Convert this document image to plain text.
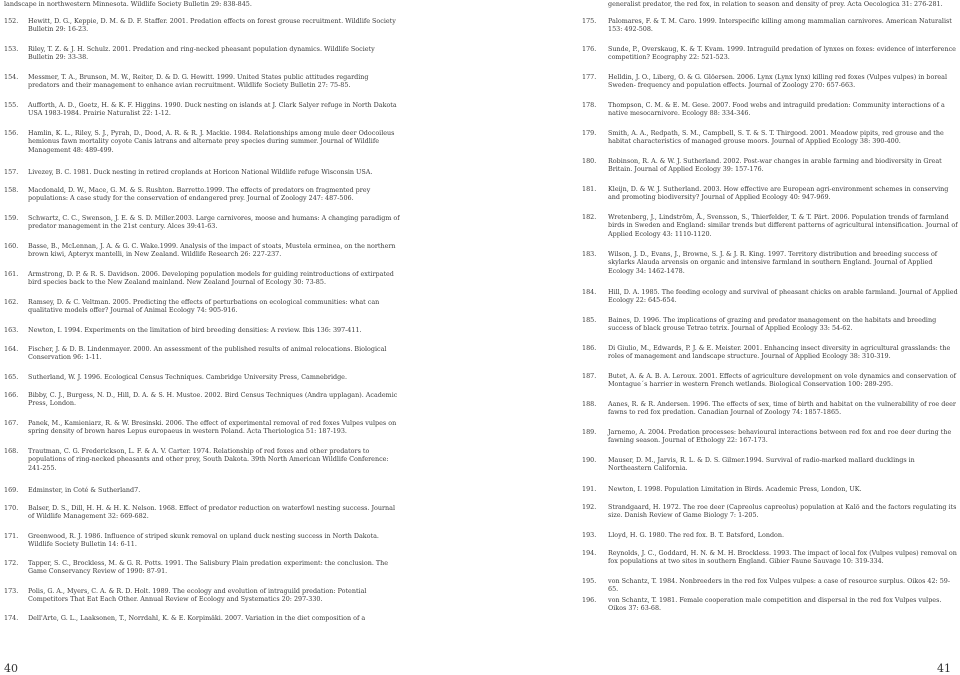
landscape in northwestern Minnesota. Wildlife Society Bulletin 29: 838-845.
152. Hewitt, D. G., Keppie, D. M. & D. F. Staffer. 2001. Predation effects on forest grouse recruitment. Wildlife Society Bulletin 29: 16-23.
153. Riley, T. Z. & J. H. Schulz. 2001. Predation and ring-necked pheasant population dynamics. Wildlife Society Bulletin 29: 33-38.
154. Messmer, T. A., Brunson, M. W., Reiter, D. & D. G. Hewitt. 1999. United States public attitudes regarding predators and their management to enhance avian recruitment. Wildlife Society Bulletin 27: 75-85.
155. Aufforth, A. D., Goetz, H. & K. F. Higgins. 1990. Duck nesting on islands at J. Clark Salyer refuge in North Dakota USA 1983-1984. Prairie Naturalist 22: 1-12.
156. Hamlin, K. L., Riley, S. J., Pyrah, D., Dood, A. R. & R. J. Mackie. 1984. Relationships among mule deer Odocoileus hemionus fawn mortality coyote Canis latrans and alternate prey species during summer. Journal of Wildlife Management 48: 489-499.
157. Livezey, B. C. 1981. Duck nesting in retired croplands at Horicon National Wildlife refuge Wisconsin USA.
158. Macdonald, D. W., Mace, G. M. & S. Rushton. Barretto.1999. The effects of predators on fragmented prey populations: A case study for the conservation of endangered prey. Journal of Zoology 247: 487-506.
159. Schwartz, C. C., Swenson, J. E. & S. D. Miller.2003. Large carnivores, moose and humans: A changing paradigm of predator management in the 21st century. Alces 39:41-63.
160. Basse, B., McLennan, J. A. & G. C. Wake.1999. Analysis of the impact of stoats, Mustela erminea, on the northern brown kiwi, Apteryx mantelli, in New Zealand. Wildlife Research 26: 227-237.
161. Armstrong, D. P. & R. S. Davidson. 2006. Developing population models for guiding reintroductions of extirpated bird species back to the New Zealand mainland. New Zealand Journal of Ecology 30: 73-85.
162. Ramsey, D. & C. Veltman. 2005. Predicting the effects of perturbations on ecological communities: what can qualitative models offer? Journal of Animal Ecology 74: 905-916.
163. Newton, I. 1994. Experiments on the limitation of bird breeding densities: A review. Ibis 136: 397-411.
164. Fischer, J. & D. B. Lindenmayer. 2000. An assessment of the published results of animal relocations. Biological Conservation 96: 1-11.
165. Sutherland, W. J. 1996. Ecological Census Techniques. Cambridge University Press, Camnebridge.
166. Bibby, C. J., Burgess, N. D., Hill, D. A. & S. H. Mustoe. 2002. Bird Census Techniques (Andra upplagan). Academic Press, London.
167. Panek, M., Kamieniarz, R. & W. Bresinski. 2006. The effect of experimental removal of red foxes Vulpes vulpes on spring density of brown hares Lepus europaeus in western Poland. Acta Theriologica 51: 187-193.
168. Trautman, C. G. Frederickson, L. F. & A. V. Carter. 1974. Relationship of red foxes and other predators to populations of ring-necked pheasants and other prey, South Dakota. 39th North American Wildlife Conference: 241-255.
169. Edminster, in Coté & Sutherland7.
170. Balser, D. S., Dill, H. H. & H. K. Nelson. 1968. Effect of predator reduction on waterfowl nesting success. Journal of Wildlife Management 32: 669-682.
171. Greenwood, R. J. 1986. Influence of striped skunk removal on upland duck nesting success in North Dakota. Wildlife Society Bulletin 14: 6-11.
172. Tapper, S. C., Brockless, M. & G. R. Potts. 1991. The Salisbury Plain predation experiment: the conclusion. The Game Conservancy Review of 1990: 87-91.
173. Polis, G. A., Myers, C. A. & R. D. Holt. 1989. The ecology and evolution of intraguild predation: Potential Competitors That Eat Each Other. Annual Review of Ecology and Systematics 20: 297-330.
174. Dell'Arte, G. L., Laaksonen, T., Norrdahl, K. & E. Korpimäki. 2007. Variation in the diet composition of a
40
generalist predator, the red fox, in relation to season and density of prey. Acta Oecologica 31: 276-281.
175. Palomares, F. & T. M. Caro. 1999. Interspecific killing among mammalian carnivores. American Naturalist 153: 492-508.
176. Sunde, P., Overskaug, K. & T. Kvam. 1999. Intraguild predation of lynxes on foxes: evidence of interference competition? Ecography 22: 521-523.
177. Helldin, J. O., Liberg, O. & G. Glöersen. 2006. Lynx (Lynx lynx) killing red foxes (Vulpes vulpes) in boreal Sweden- frequency and population effects. Journal of Zoology 270: 657-663.
178. Thompson, C. M. & E. M. Gese. 2007. Food webs and intraguild predation: Community interactions of a native mesocarnivore. Ecology 88: 334-346.
179. Smith, A. A., Redpath, S. M., Campbell, S. T. & S. T. Thirgood. 2001. Meadow pipits, red grouse and the habitat characteristics of managed grouse moors. Journal of Applied Ecology 38: 390-400.
180. Robinson, R. A. & W. J. Sutherland. 2002. Post-war changes in arable farming and biodiversity in Great Britain. Journal of Applied Ecology 39: 157-176.
181. Kleijn, D. & W. J. Sutherland. 2003. How effective are European agri-environment schemes in conserving and promoting biodiversity? Journal of Applied Ecology 40: 947-969.
182. Wretenberg, J., Lindström, Å., Svensson, S., Thierfelder, T. & T. Pärt. 2006. Population trends of farmland birds in Sweden and England: similar trends but different patterns of agricultural intensification. Journal of Applied Ecology 43: 1110-1120.
183. Wilson, J. D., Evans, J., Browne, S. J. & J. R. King. 1997. Territory distribution and breeding success of skylarks Alauda arvensis on organic and intensive farmland in southern England. Journal of Applied Ecology 34: 1462-1478.
184. Hill, D. A. 1985. The feeding ecology and survival of pheasant chicks on arable farmland. Journal of Applied Ecology 22: 645-654.
185. Baines, D. 1996. The implications of grazing and predator management on the habitats and breeding success of black grouse Tetrao tetrix. Journal of Applied Ecology 33: 54-62.
186. Di Giulio, M., Edwards, P. J. & E. Meister. 2001. Enhancing insect diversity in agricultural grasslands: the roles of management and landscape structure. Journal of Applied Ecology 38: 310-319.
187. Butet, A. & A. B. A. Leroux. 2001. Effects of agriculture development on vole dynamics and conservation of Montague´s harrier in western French wetlands. Biological Conservation 100: 289-295.
188. Aanes, R. & R. Andersen. 1996. The effects of sex, time of birth and habitat on the vulnerability of roe deer fawns to red fox predation. Canadian Journal of Zoology 74: 1857-1865.
189. Jarnemo, A. 2004. Predation processes: behavioural interactions between red fox and roe deer during the fawning season. Journal of Ethology 22: 167-173.
190. Mauser, D. M., Jarvis, R. L. & D. S. Gilmer.1994. Survival of radio-marked mallard ducklings in Northeastern California.
191. Newton, I. 1998. Population Limitation in Birds. Academic Press, London, UK.
192. Strandgaard, H. 1972. The roe deer (Capreolus capreolus) population at Kalö and the factors regulating its size. Danish Review of Game Biology 7: 1-205.
193. Lloyd, H. G. 1980. The red fox. B. T. Batsford, London.
194. Reynolds, J. C., Goddard, H. N. & M. H. Brockless. 1993. The impact of local fox (Vulpes vulpes) removal on fox populations at two sites in southern England. Gibier Faune Sauvage 10: 319-334.
195. von Schantz, T. 1984. Nonbreeders in the red fox Vulpes vulpes: a case of resource surplus. Oikos 42: 59-65.
196. von Schantz, T. 1981. Female cooperation male competition and dispersal in the red fox Vulpes vulpes. Oikos 37: 63-68.
41
